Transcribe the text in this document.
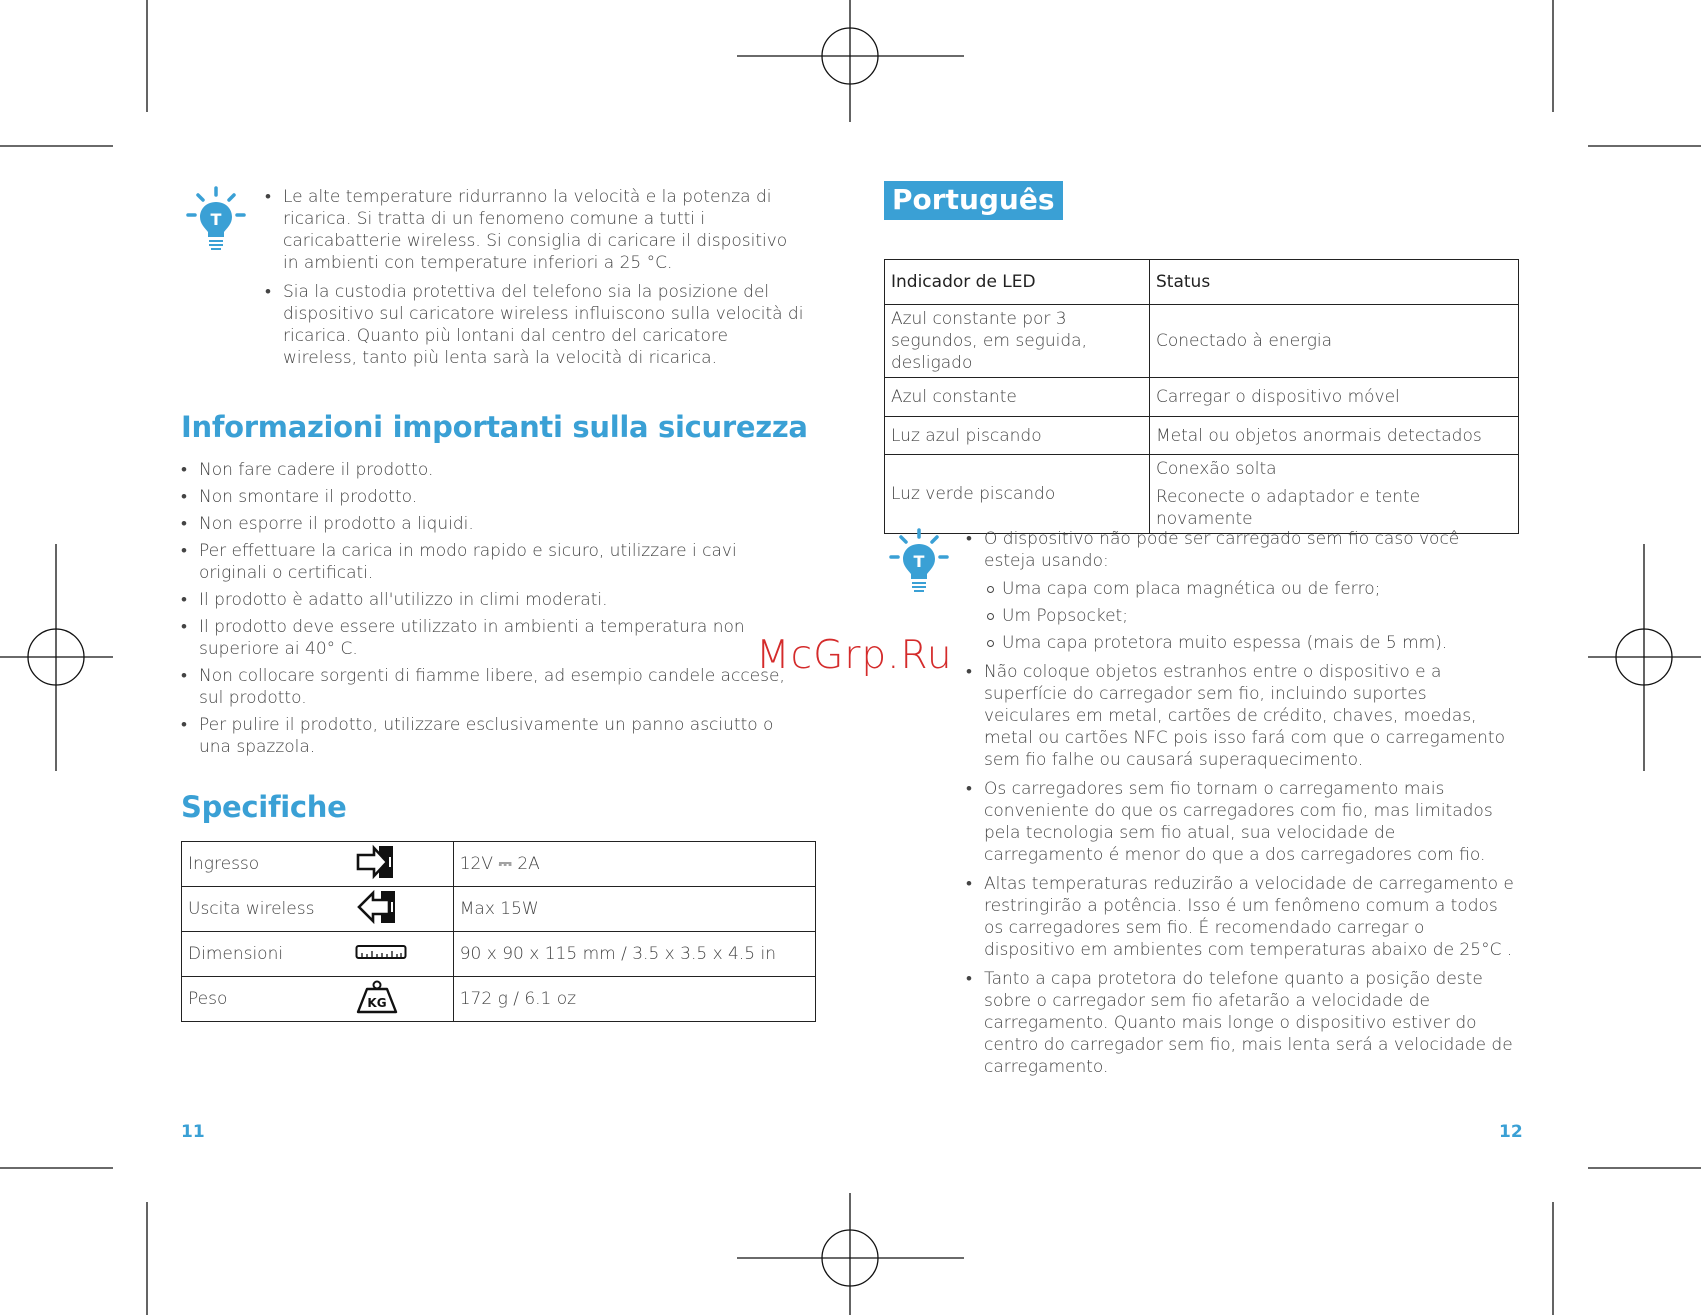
T
• Le alte temperature ridurranno la velocità e la potenza di ricarica. Si tratta di un fenomeno comune a tutti i caricabatterie wireless. Si consiglia di caricare il dispositivo in ambienti con temperature inferiori a 25 °C.
• Sia la custodia protettiva del telefono sia la posizione del dispositivo sul caricatore wireless influiscono sulla velocità di ricarica. Quanto più lontani dal centro del caricatore wireless, tanto più lenta sarà la velocità di ricarica.
Informazioni importanti sulla sicurezza
• Non fare cadere il prodotto.
• Non smontare il prodotto.
• Non esporre il prodotto a liquidi.
• Per effettuare la carica in modo rapido e sicuro, utilizzare i cavi originali o certificati.
• Il prodotto è adatto all'utilizzo in climi moderati.
• Il prodotto deve essere utilizzato in ambienti a temperatura non superiore ai 40° C.
• Non collocare sorgenti di fiamme libere, ad esempio candele accese, sul prodotto.
• Per pulire il prodotto, utilizzare esclusivamente un panno asciutto o una spazzola.
Specifiche
Ingresso		12V ⎓ 2A
Uscita wireless		Max 15W
Dimensioni		90 x 90 x 115 mm / 3.5 x 3.5 x 4.5 in
Peso	KG	172 g / 6.1 oz
11
Português
Indicador de LED	Status
Azul constante por 3 segundos, em seguida, desligado	Conectado à energia
Azul constante	Carregar o dispositivo móvel
Luz azul piscando	Metal ou objetos anormais detectados
Luz verde piscando	Conexão solta
Reconecte o adaptador e tente novamente
T
• O dispositivo não pode ser carregado sem fio caso você esteja usando:
Uma capa com placa magnética ou de ferro;
Um Popsocket;
Uma capa protetora muito espessa (mais de 5 mm).
• Não coloque objetos estranhos entre o dispositivo e a superfície do carregador sem fio, incluindo suportes veiculares em metal, cartões de crédito, chaves, moedas, metal ou cartões NFC pois isso fará com que o carregamento sem fio falhe ou causará superaquecimento.
• Os carregadores sem fio tornam o carregamento mais conveniente do que os carregadores com fio, mas limitados pela tecnologia sem fio atual, sua velocidade de carregamento é menor do que a dos carregadores com fio.
• Altas temperaturas reduzirão a velocidade de carregamento e restringirão a potência. Isso é um fenômeno comum a todos os carregadores sem fio. É recomendado carregar o dispositivo em ambientes com temperaturas abaixo de 25°C .
• Tanto a capa protetora do telefone quanto a posição deste sobre o carregador sem fio afetarão a velocidade de carregamento. Quanto mais longe o dispositivo estiver do centro do carregador sem fio, mais lenta será a velocidade de carregamento.
12
McGrp.Ru
